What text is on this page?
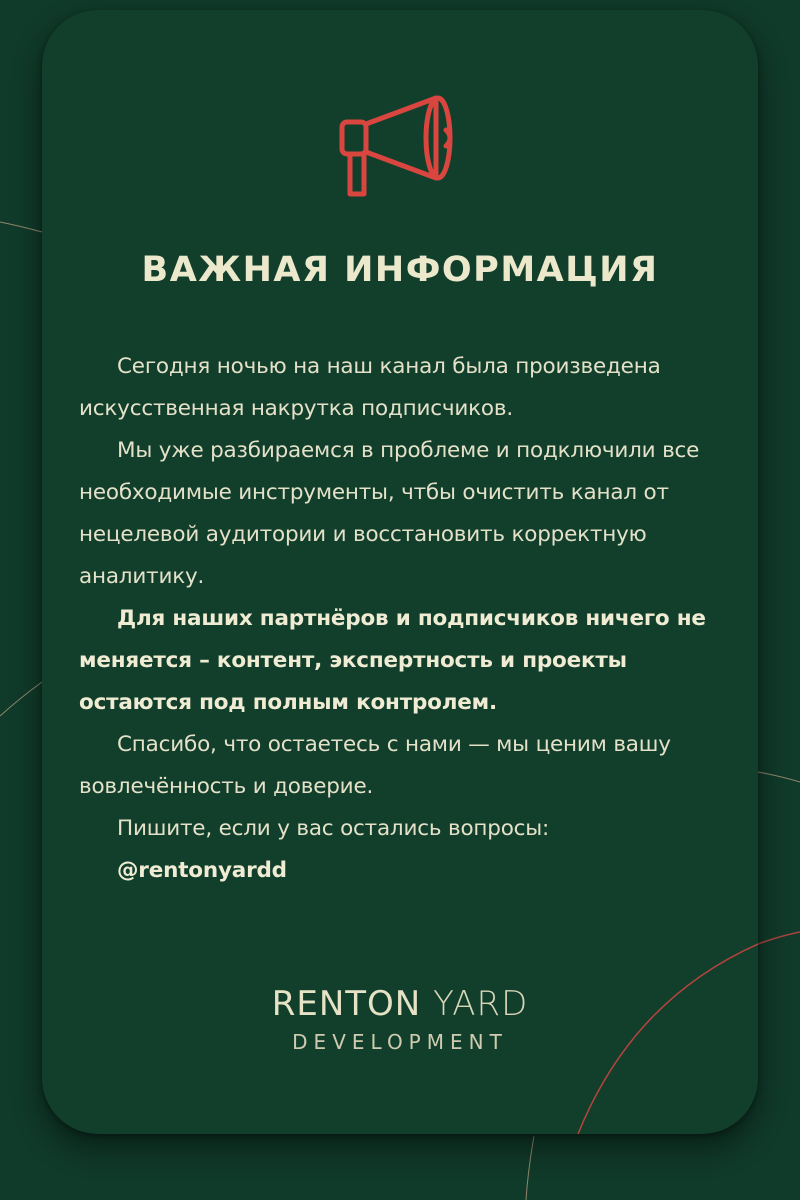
ВАЖНАЯ ИНФОРМАЦИЯ

Сегодня ночью на наш канал была произведена искусственная накрутка подписчиков.

Мы уже разбираемся в проблеме и подключили все необходимые инструменты, чтбы очистить канал от нецелевой аудитории и восстановить корректную аналитику.

Для наших партнёров и подписчиков ничего не меняется – контент, экспертность и проекты остаются под полным контролем.

Спасибо, что остаетесь с нами — мы ценим вашу вовлечённость и доверие.

Пишите, если у вас остались вопросы:

@rentonyardd

RENTON YARD
DEVELOPMENT
